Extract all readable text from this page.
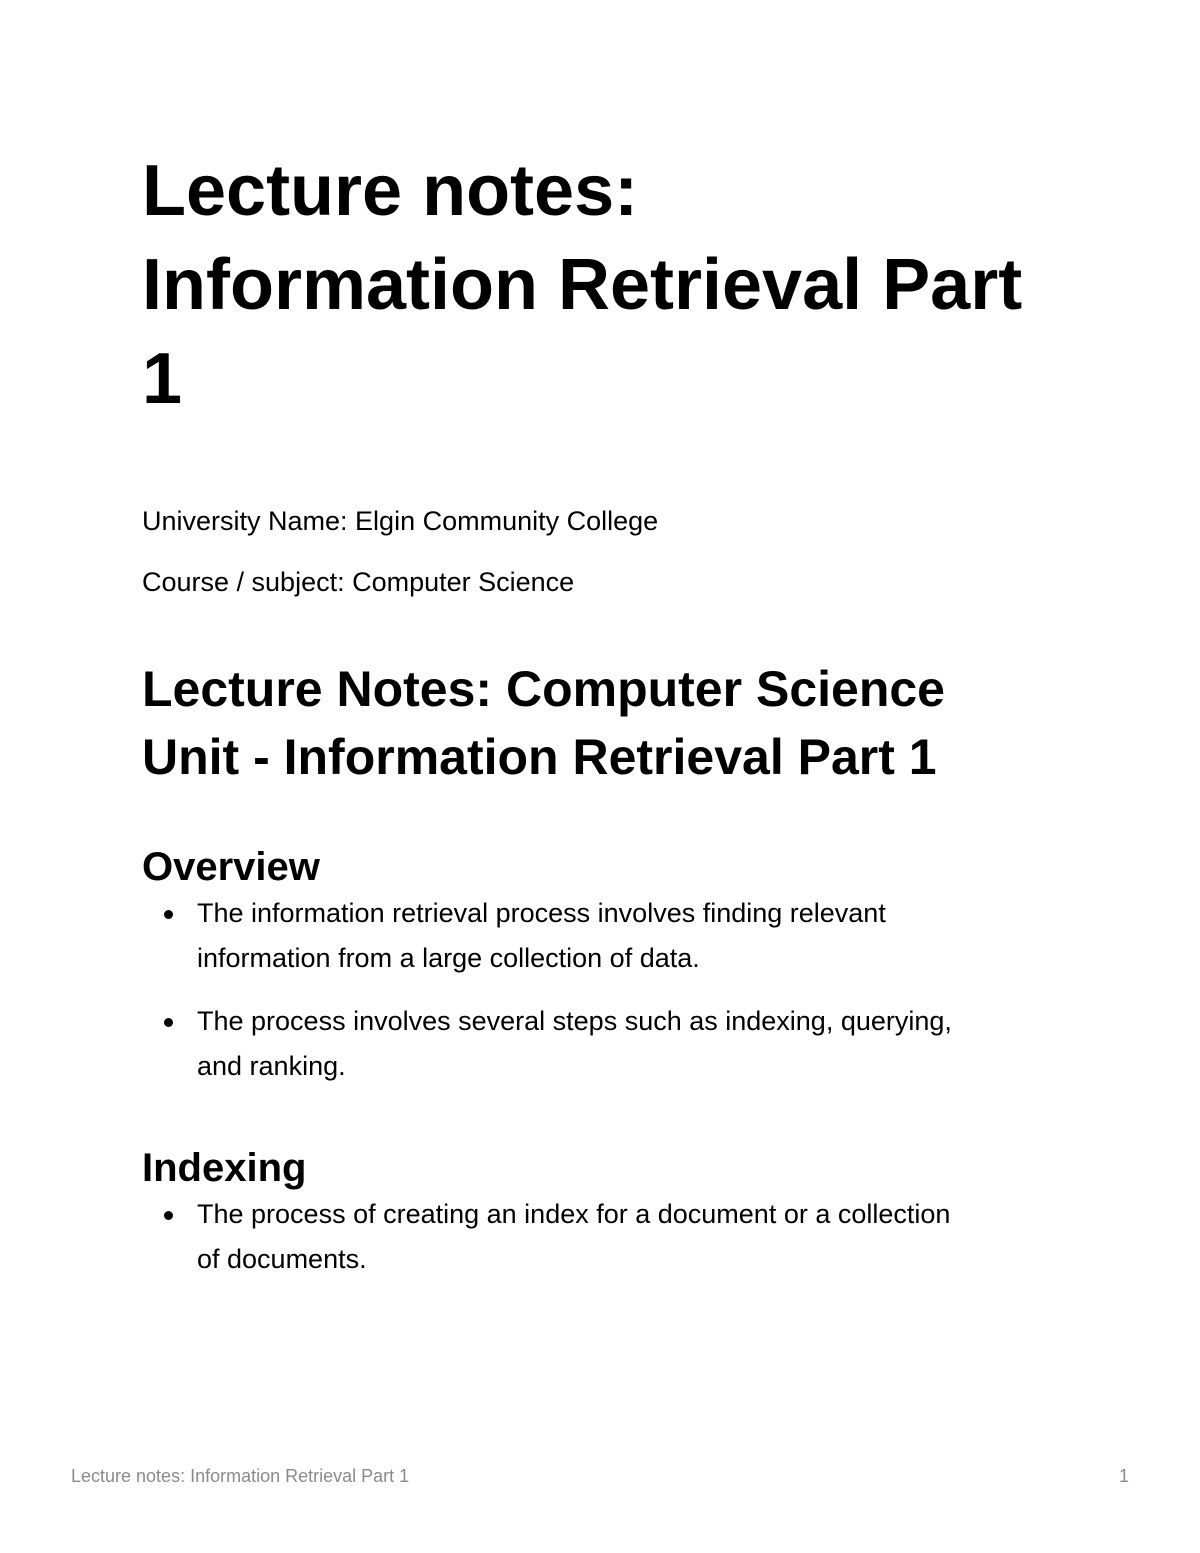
Lecture notes:
Information Retrieval Part
1

University Name: Elgin Community College

Course / subject: Computer Science

Lecture Notes: Computer Science
Unit - Information Retrieval Part 1
Overview
The information retrieval process involves finding relevant
information from a large collection of data.
The process involves several steps such as indexing, querying,
and ranking.
Indexing
The process of creating an index for a document or a collection
of documents.
Lecture notes: Information Retrieval Part 1	1
